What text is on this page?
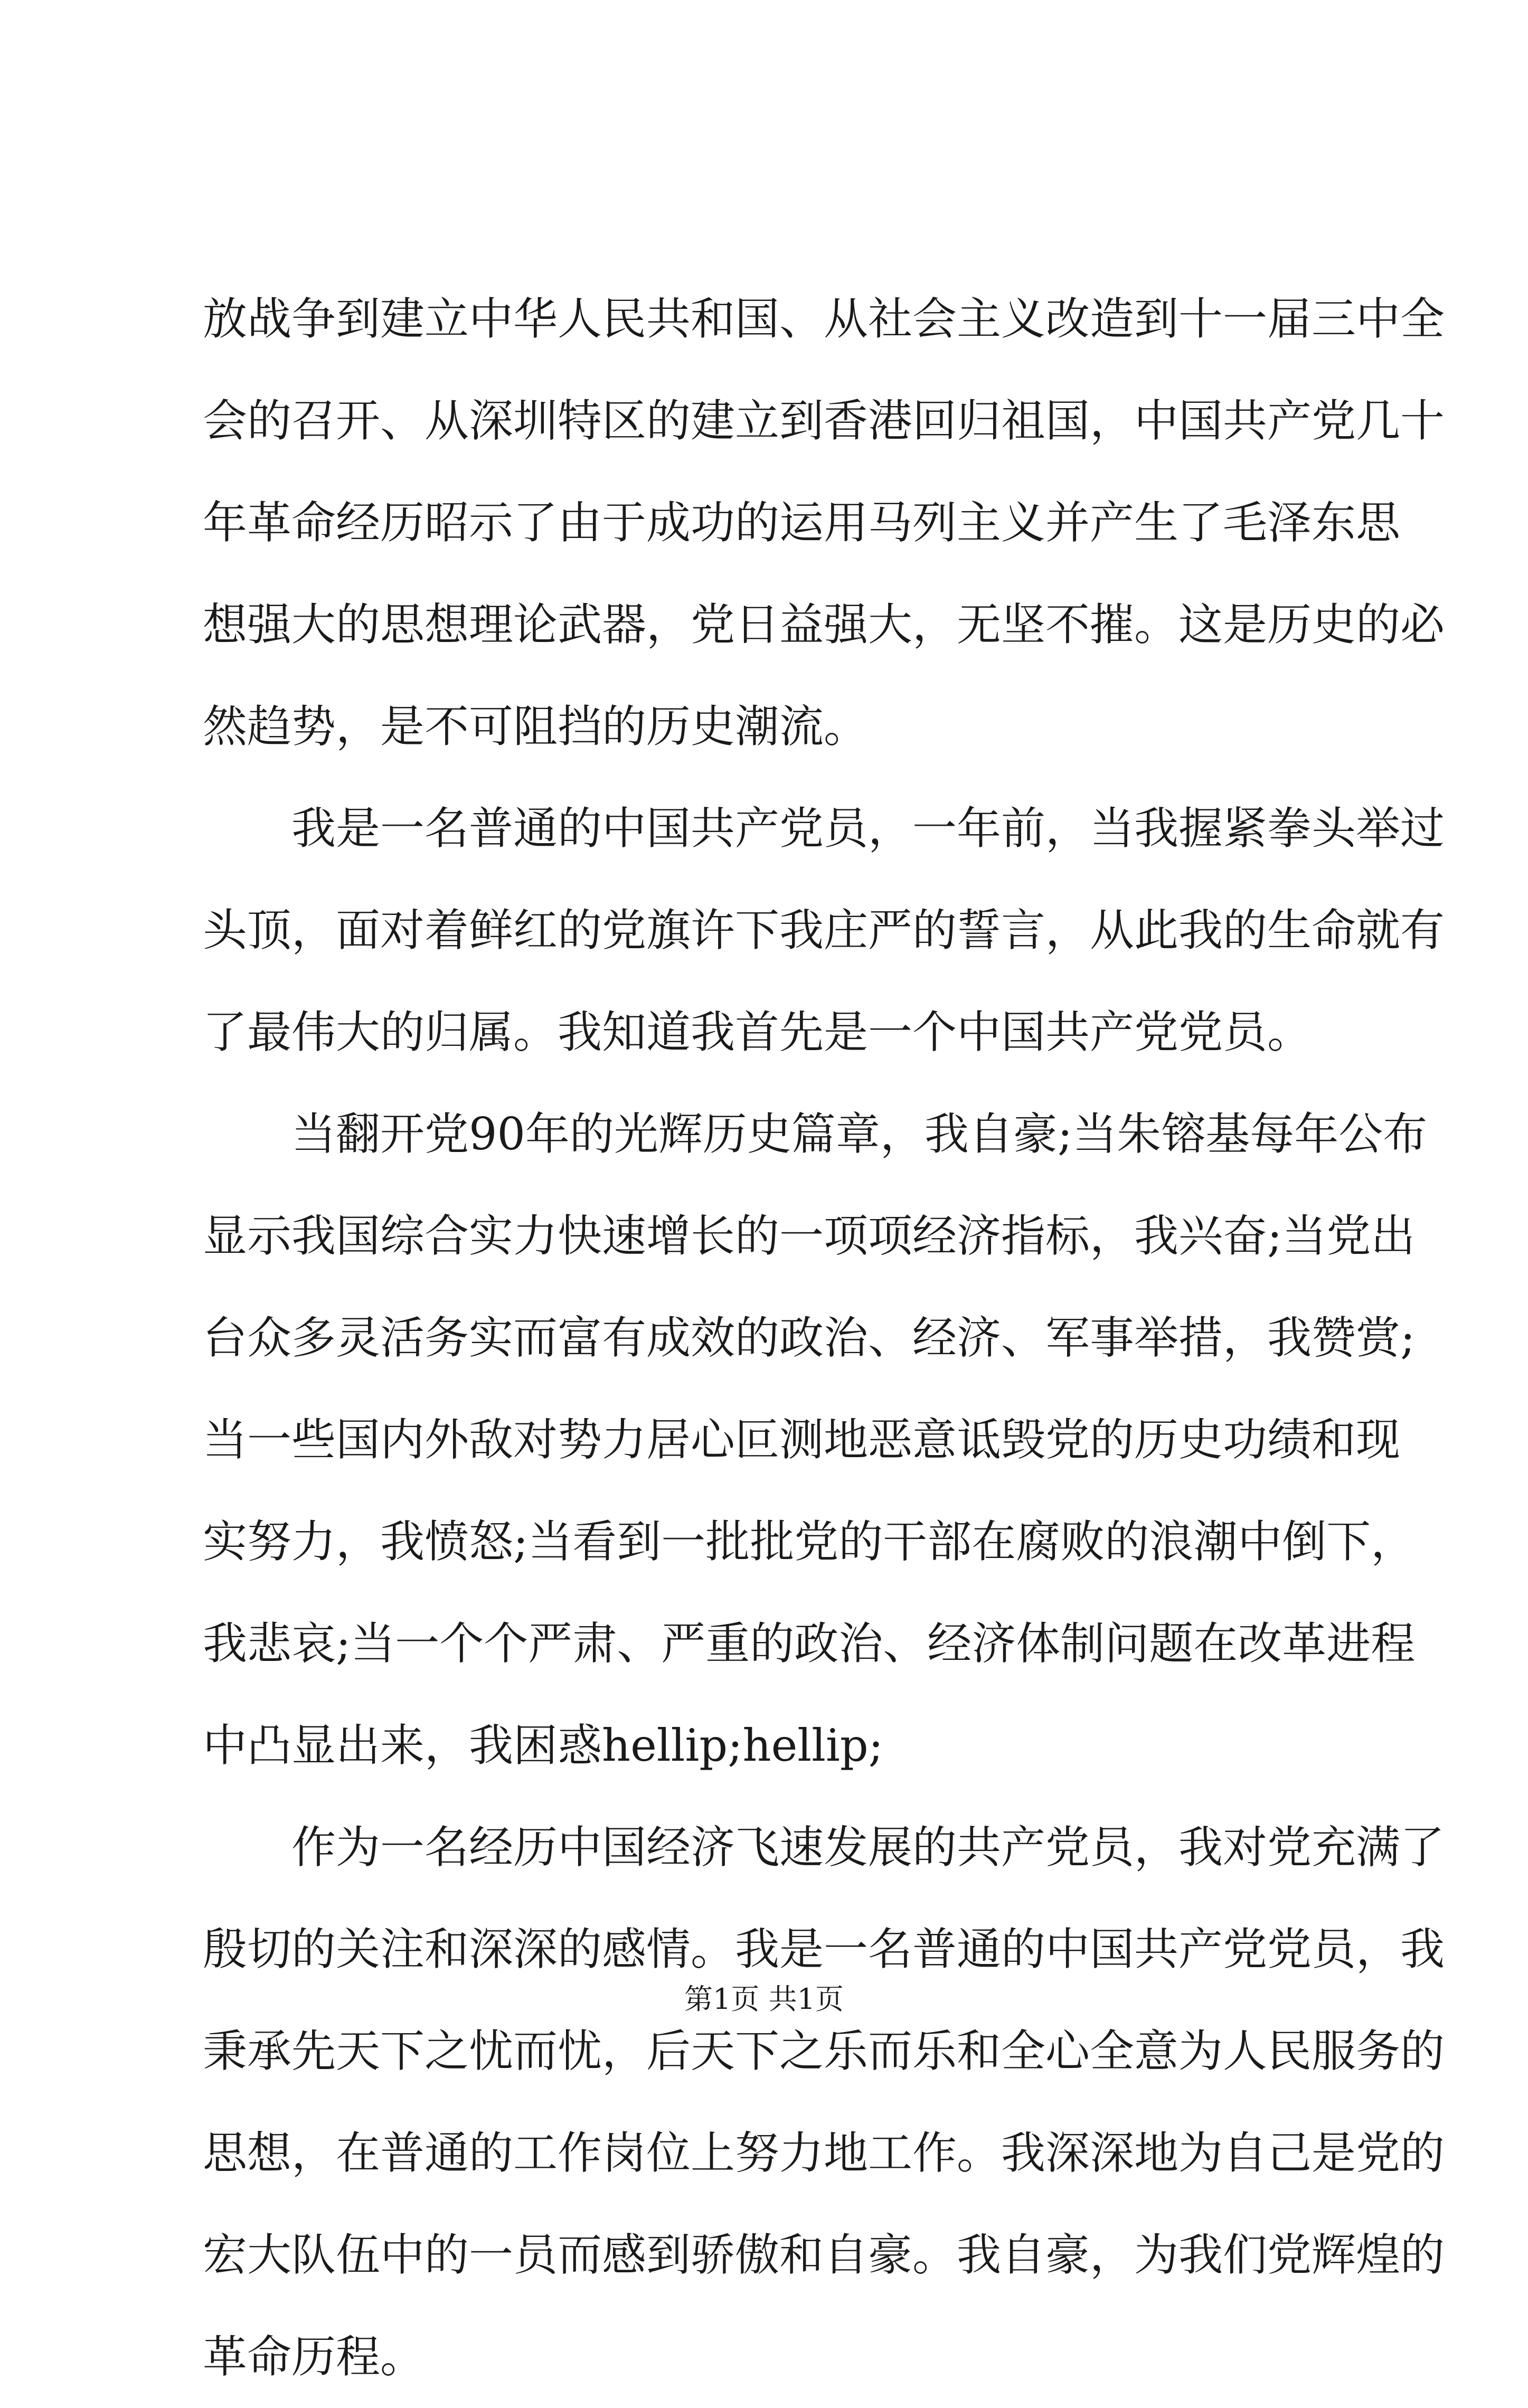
放战争到建立中华人民共和国、从社会主义改造到十一届三中全
会的召开、从深圳特区的建立到香港回归祖国，中国共产党几十
年革命经历昭示了由于成功的运用马列主义并产生了毛泽东思
想强大的思想理论武器，党日益强大，无坚不摧。这是历史的必
然趋势，是不可阻挡的历史潮流。
我是一名普通的中国共产党员，一年前，当我握紧拳头举过
头顶，面对着鲜红的党旗许下我庄严的誓言，从此我的生命就有
了最伟大的归属。我知道我首先是一个中国共产党党员。
当翻开党90年的光辉历史篇章，我自豪;当朱镕基每年公布
显示我国综合实力快速增长的一项项经济指标，我兴奋;当党出
台众多灵活务实而富有成效的政治、经济、军事举措，我赞赏;
当一些国内外敌对势力居心叵测地恶意诋毁党的历史功绩和现
实努力，我愤怒;当看到一批批党的干部在腐败的浪潮中倒下，
我悲哀;当一个个严肃、严重的政治、经济体制问题在改革进程
中凸显出来，我困惑hellip;hellip;
作为一名经历中国经济飞速发展的共产党员，我对党充满了
殷切的关注和深深的感情。我是一名普通的中国共产党党员，我
秉承先天下之忧而忧，后天下之乐而乐和全心全意为人民服务的
思想，在普通的工作岗位上努力地工作。我深深地为自己是党的
宏大队伍中的一员而感到骄傲和自豪。我自豪，为我们党辉煌的
革命历程。
第1页 共1页
